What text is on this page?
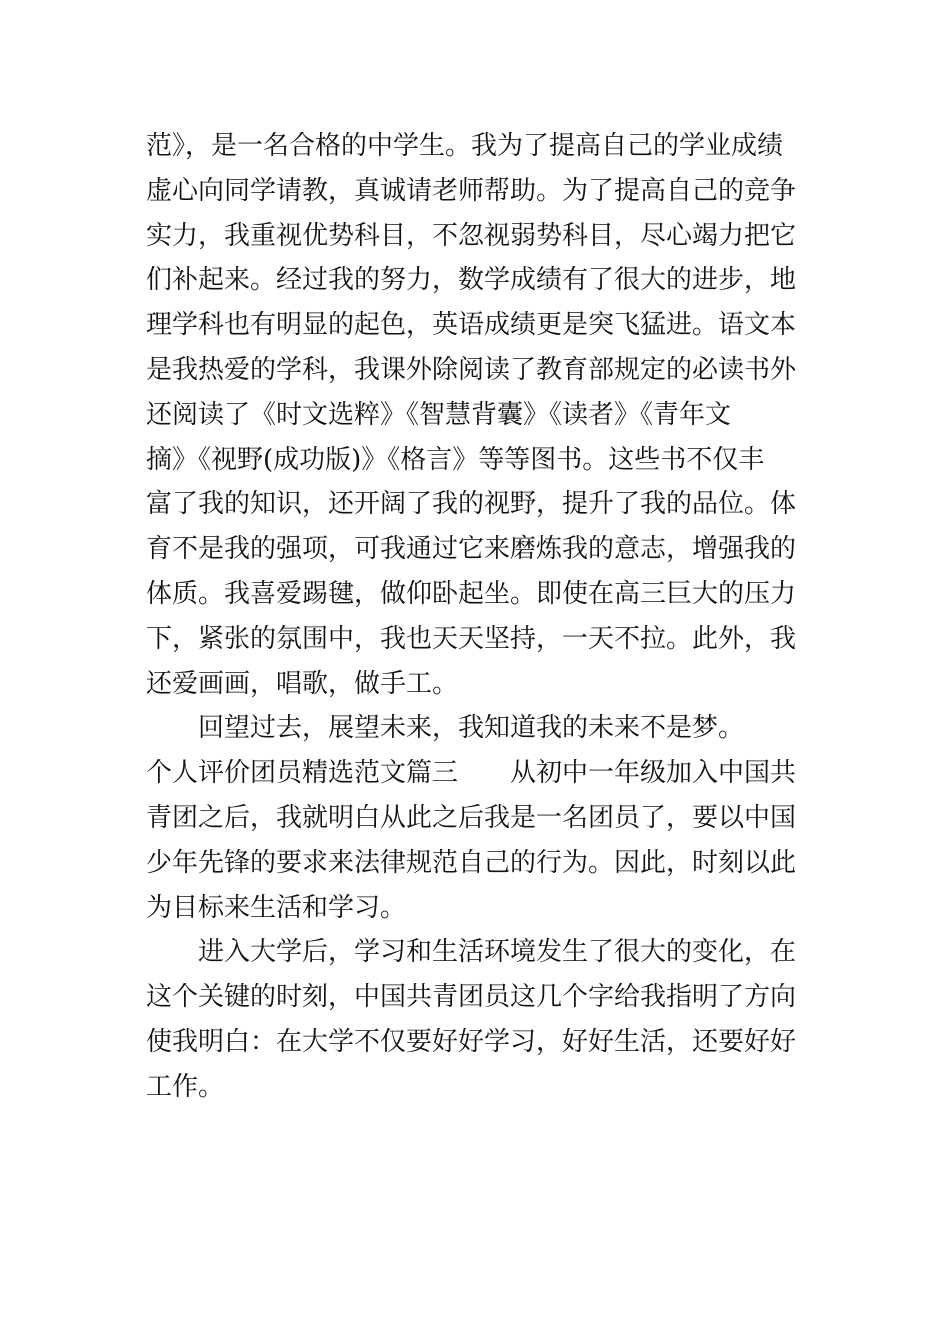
范》，是一名合格的中学生。我为了提高自己的学业成绩
虚心向同学请教，真诚请老师帮助。为了提高自己的竞争
实力，我重视优势科目，不忽视弱势科目，尽心竭力把它
们补起来。经过我的努力，数学成绩有了很大的进步，地
理学科也有明显的起色，英语成绩更是突飞猛进。语文本
是我热爱的学科，我课外除阅读了教育部规定的必读书外
还阅读了《时文选粹》《智慧背囊》《读者》《青年文
摘》《视野(成功版)》《格言》等等图书。这些书不仅丰
富了我的知识，还开阔了我的视野，提升了我的品位。体
育不是我的强项，可我通过它来磨炼我的意志，增强我的
体质。我喜爱踢毽，做仰卧起坐。即使在高三巨大的压力
下，紧张的氛围中，我也天天坚持，一天不拉。此外，我
还爱画画，唱歌，做手工。
回望过去，展望未来，我知道我的未来不是梦。
个人评价团员精选范文篇三 从初中一年级加入中国共
青团之后，我就明白从此之后我是一名团员了，要以中国
少年先锋的要求来法律规范自己的行为。因此，时刻以此
为目标来生活和学习。
进入大学后，学习和生活环境发生了很大的变化，在
这个关键的时刻，中国共青团员这几个字给我指明了方向
使我明白：在大学不仅要好好学习，好好生活，还要好好
工作。
